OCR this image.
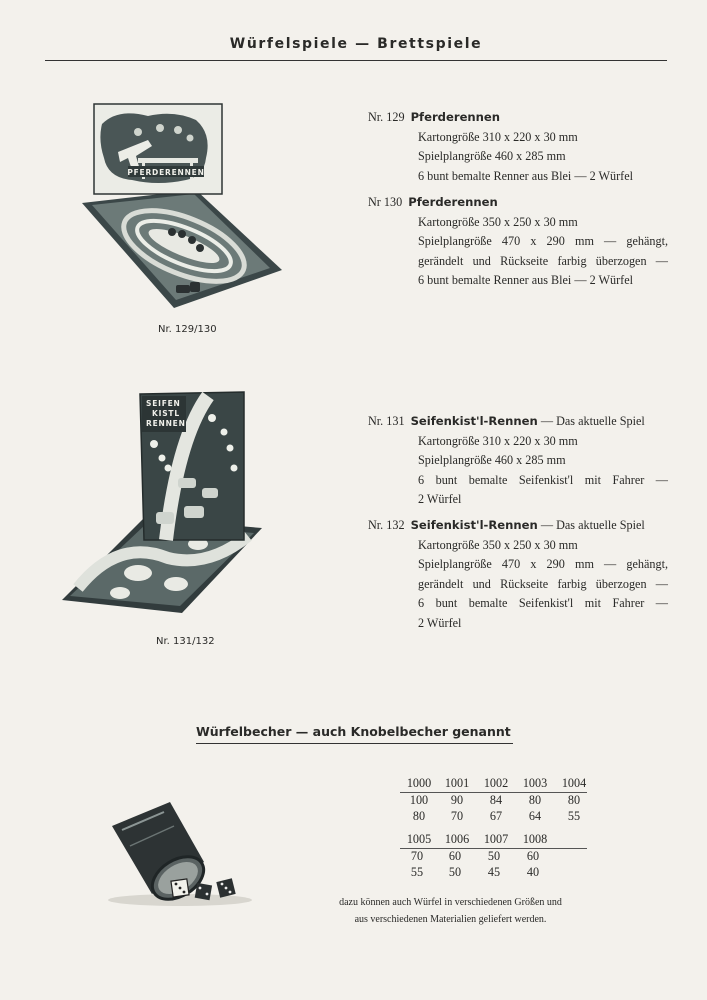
Würfelspiele — Brettspiele
PFERDERENNEN
Nr. 129/130
SEIFEN KISTL RENNEN
Nr. 131/132
Nr. 129 Pferderennen
Kartongröße 310 x 220 x 30 mm
Spielplangröße 460 x 285 mm
6 bunt bemalte Renner aus Blei — 2 Würfel
Nr 130 Pferderennen
Kartongröße 350 x 250 x 30 mm
Spielplangröße 470 x 290 mm — gehängt,
gerändelt und Rückseite farbig überzogen —
6 bunt bemalte Renner aus Blei — 2 Würfel
Nr. 131 Seifenkist'l-Rennen — Das aktuelle Spiel
Kartongröße 310 x 220 x 30 mm
Spielplangröße 460 x 285 mm
6 bunt bemalte Seifenkist'l mit Fahrer —
2 Würfel
Nr. 132 Seifenkist'l-Rennen — Das aktuelle Spiel
Kartongröße 350 x 250 x 30 mm
Spielplangröße 470 x 290 mm — gehängt,
gerändelt und Rückseite farbig überzogen —
6 bunt bemalte Seifenkist'l mit Fahrer —
2 Würfel
Würfelbecher — auch Knobelbecher genannt
1000	1001	1002	1003	1004
100	90	84	80	80
80	70	67	64	55
1005	1006	1007	1008
70	60	50	60
55	50	45	40
dazu können auch Würfel in verschiedenen Größen und
aus verschiedenen Materialien geliefert werden.
